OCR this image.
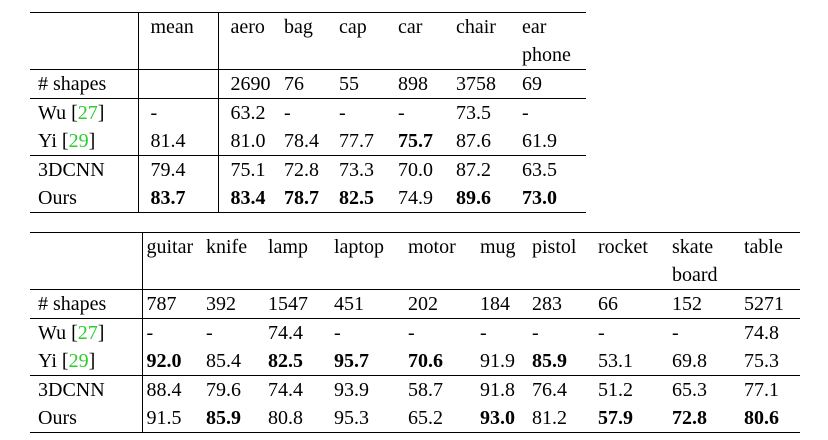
	mean	aero	bag	cap	car	chair	ear phone
# shapes		2690	76	55	898	3758	69
Wu [27]	-	63.2	-	-	-	73.5	-
Yi [29]	81.4	81.0	78.4	77.7	75.7	87.6	61.9
3DCNN	79.4	75.1	72.8	73.3	70.0	87.2	63.5
Ours	83.7	83.4	78.7	82.5	74.9	89.6	73.0
	guitar	knife	lamp	laptop	motor	mug	pistol	rocket	skate board	table
# shapes	787	392	1547	451	202	184	283	66	152	5271
Wu [27]	-	-	74.4	-	-	-	-	-	-	74.8
Yi [29]	92.0	85.4	82.5	95.7	70.6	91.9	85.9	53.1	69.8	75.3
3DCNN	88.4	79.6	74.4	93.9	58.7	91.8	76.4	51.2	65.3	77.1
Ours	91.5	85.9	80.8	95.3	65.2	93.0	81.2	57.9	72.8	80.6
